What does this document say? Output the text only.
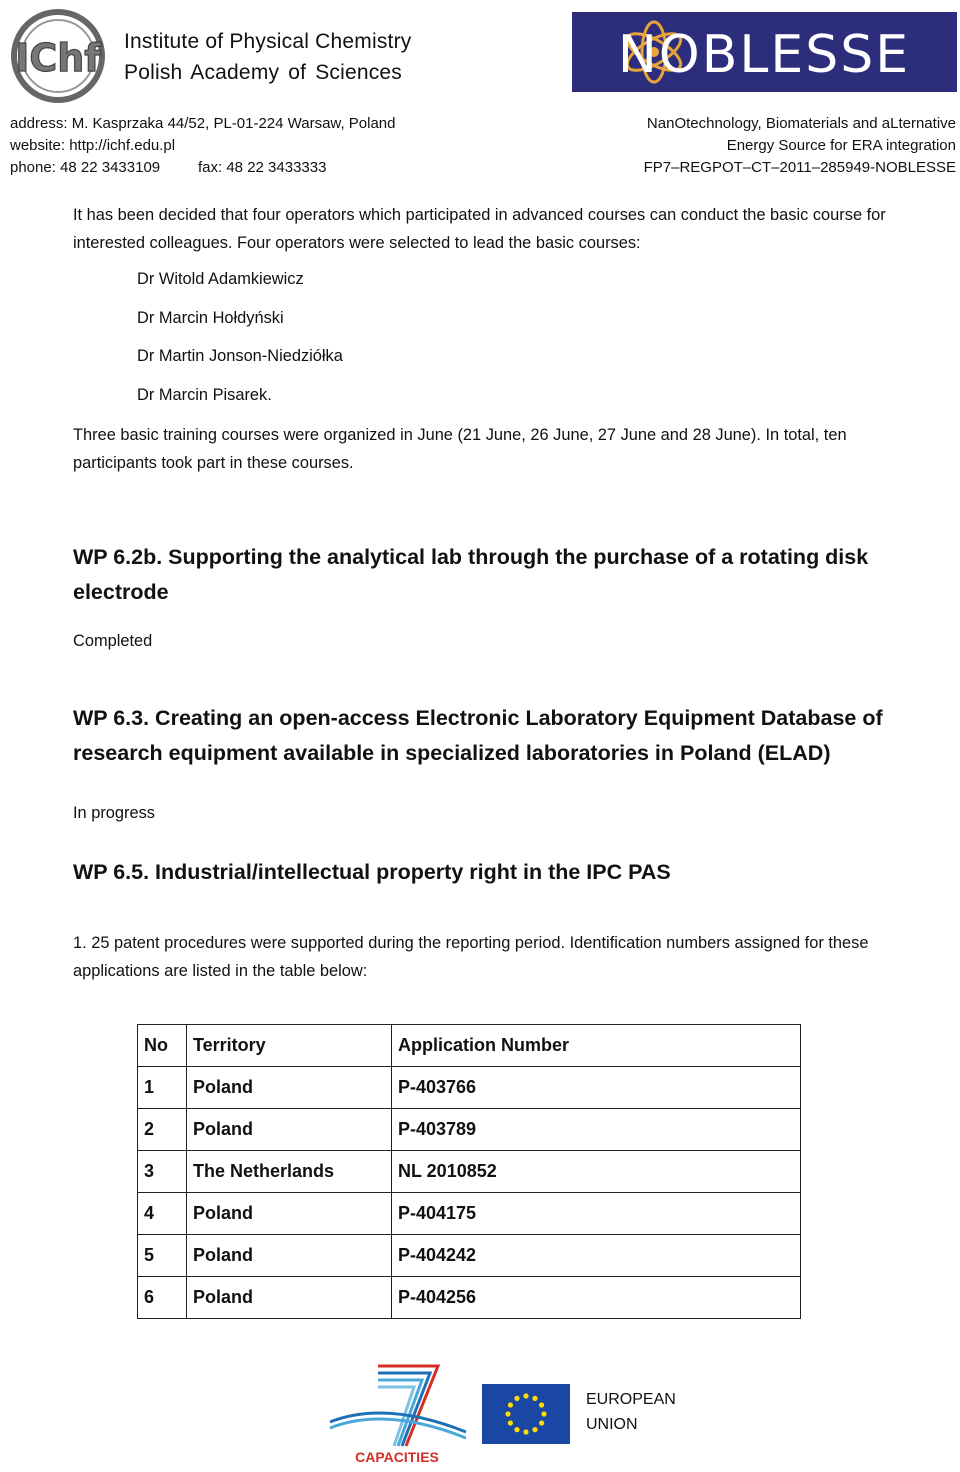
IChf Institute of Physical Chemistry
Polish Academy of Sciences
address: M. Kasprzaka 44/52, PL-01-224 Warsaw, Poland
website: http://ichf.edu.pl
phone: 48 22 3433109	fax: 48 22 3433333
NOBLESSE
NanOtechnology, Biomaterials and aLternative
Energy Source for ERA integration
FP7–REGPOT–CT–2011–285949-NOBLESSE
It has been decided that four operators which participated in advanced courses can conduct the basic course for interested colleagues. Four operators were selected to lead the basic courses:
Dr Witold Adamkiewicz
Dr Marcin Hołdyński
Dr Martin Jonson-Niedziółka
Dr Marcin Pisarek.
Three basic training courses were organized in June (21 June, 26 June, 27 June and 28 June). In total, ten participants took part in these courses.
WP 6.2b. Supporting the analytical lab through the purchase of a rotating disk electrode
Completed
WP 6.3. Creating an open-access Electronic Laboratory Equipment Database of research equipment available in specialized laboratories in Poland (ELAD)
In progress
WP 6.5. Industrial/intellectual property right in the IPC PAS
1. 25 patent procedures were supported during the reporting period. Identification numbers assigned for these applications are listed in the table below:
No	Territory	Application Number
1	Poland	P-403766
2	Poland	P-403789
3	The Netherlands	NL 2010852
4	Poland	P-404175
5	Poland	P-404242
6	Poland	P-404256
CAPACITIES
EUROPEAN
UNION
